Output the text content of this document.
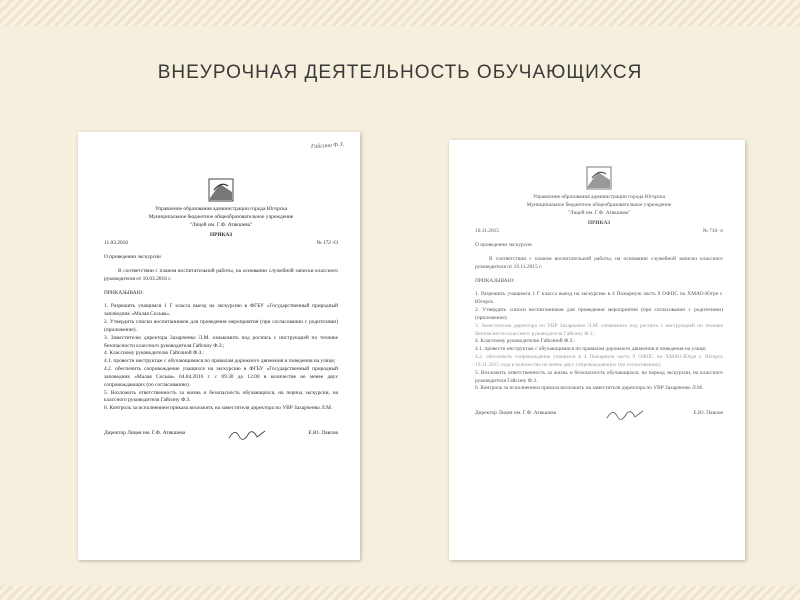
ВНЕУРОЧНАЯ ДЕЯТЕЛЬНОСТЬ ОБУЧАЮЩИХСЯ
Гайсина Ф.З.
Управление образования администрации города Югорска
Муниципальное бюджетное общеобразовательное учреждение
"Лицей им. Г.Ф. Атякшева"
ПРИКАЗ
11.03.2016	№ 172 -О
О проведении экскурсии
В соответствии с планом воспитательной работы, на основании служебной записки классного руководителя от 10.03.2016 г.
ПРИКАЗЫВАЮ:
1. Разрешить учащимся 1 Г класса выезд на экскурсию в ФГБУ «Государственный природный заповедник «Малая Сосьва».
2. Утвердить списки воспитанников для проведения мероприятия (при согласовании с родителями) (приложение).
3. Заместителю директора Захарченко Л.М. ознакомить под роспись с инструкцией по технике безопасности классного руководителя Гайсину Ф.З.;
4. Классному руководителю Гайсиной Ф.З.:
4.1. провести инструктаж с обучающимися по правилам дорожного движения и поведения на улице;
4.2. обеспечить сопровождение учащихся на экскурсию в ФГБУ «Государственный природный заповедник «Малая Сосьва» 04.04.2016 г. с 09.30 до 12.00 в количестве не менее двух сопровождающих (по согласованию).
5. Возложить ответственность за жизнь и безопасность обучающихся, на период экскурсии, на классного руководителя Гайсину Ф.З.
6. Контроль за исполнением приказа возложить на заместителя директора по УВР Захарченко Л.М.
Директор Лицея им. Г.Ф. Атякшева	Е.Ю. Павлов
Управление образования администрации города Югорска
Муниципальное бюджетное общеобразовательное учреждение
"Лицей им. Г.Ф. Атякшева"
ПРИКАЗ
10.11.2015	№ 716- о
О проведении экскурсии
В соответствии с планом воспитательной работы, на основании служебной записки классного руководителя от 10.11.2015 г.
ПРИКАЗЫВАЮ:
1. Разрешить учащимся 1 Г класса выезд на экскурсию в 4 Пожарную часть 9 ОФПС по ХМАО-Югре г. Югорск.
2. Утвердить списки воспитанников для проведения мероприятия (при согласовании с родителями) (приложение).
3. Заместителю директора по УВР Захарченко Л.М. ознакомить под роспись с инструкцией по технике безопасности классного руководителя Гайсину Ф.З.;
4. Классному руководителю Гайсиной Ф.З.:
4.1. провести инструктаж с обучающимися по правилам дорожного движения и поведения на улице;
4.2. обеспечить сопровождение учащихся в 4 Пожарную часть 9 ОФПС по ХМАО-Югре г. Югорск 19.11.2015 года в количестве не менее двух сопровождающих (по согласованию).
5. Возложить ответственность за жизнь и безопасность обучающихся, на период экскурсии, на классного руководителя Гайсину Ф.З.
6. Контроль за исполнением приказа возложить на заместителя директора по УВР Захарченко Л.М.
Директор Лицея им. Г.Ф. Атякшева	Е.Ю. Павлов
